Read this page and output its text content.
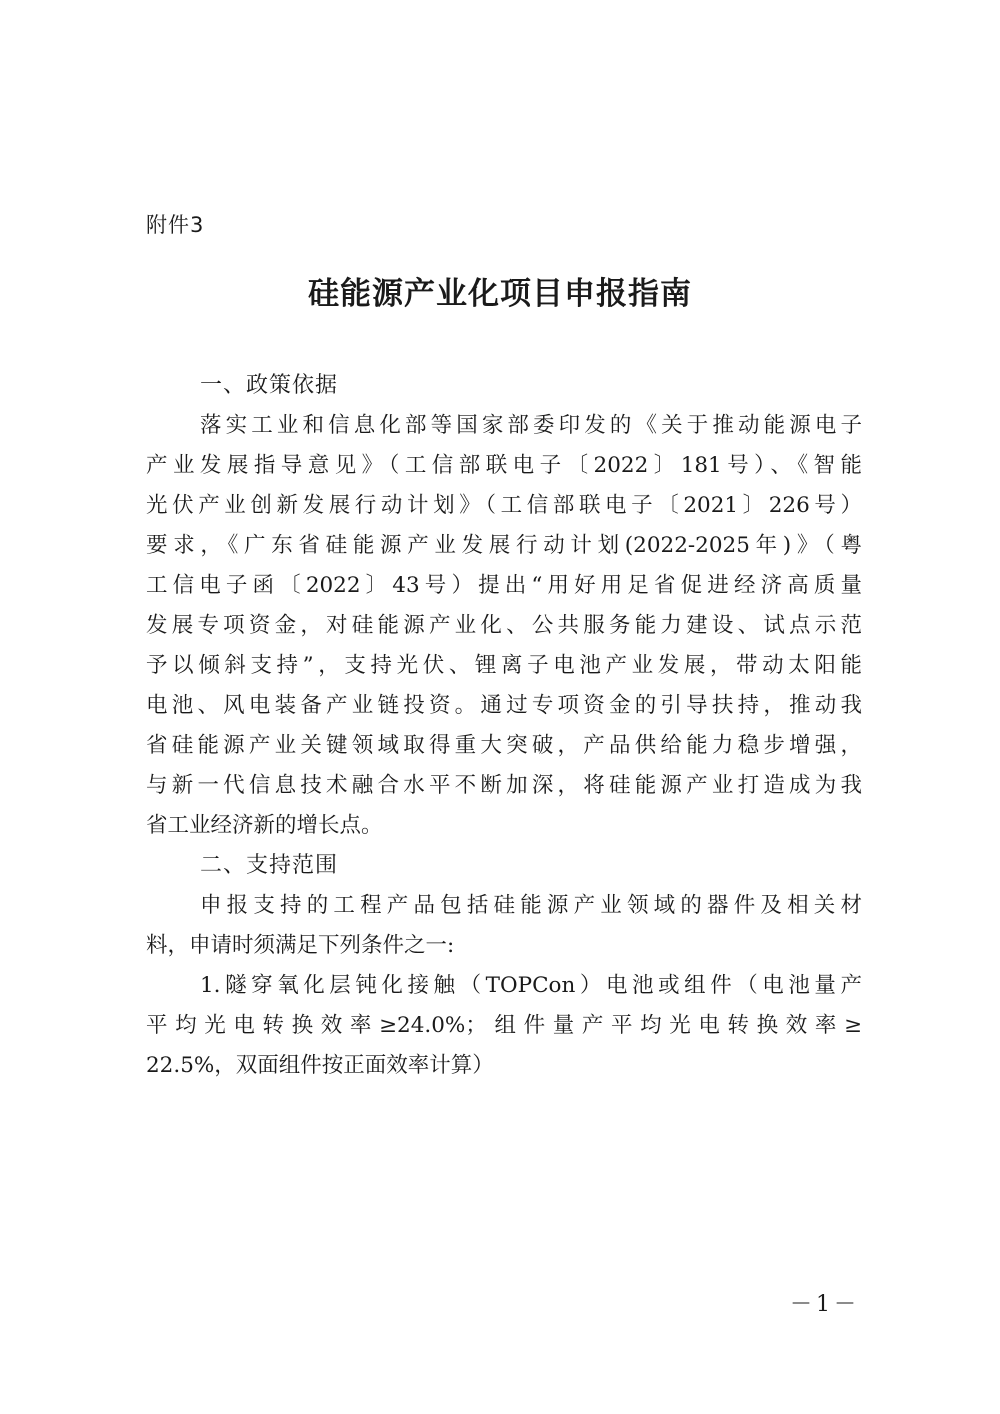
附件3
硅能源产业化项目申报指南
一、政策依据
落实工业和信息化部等国家部委印发的《关于推动能源电子
产业发展指导意见》（工信部联电子〔2022〕181号）、《智能
光伏产业创新发展行动计划》（工信部联电子〔2021〕226号）
要求，《广东省硅能源产业发展行动计划(2022-2025年)》（粤
工信电子函〔2022〕43号）提出“用好用足省促进经济高质量
发展专项资金，对硅能源产业化、公共服务能力建设、试点示范
予以倾斜支持”，支持光伏、锂离子电池产业发展，带动太阳能
电池、风电装备产业链投资。通过专项资金的引导扶持，推动我
省硅能源产业关键领域取得重大突破，产品供给能力稳步增强，
与新一代信息技术融合水平不断加深，将硅能源产业打造成为我
省工业经济新的增长点。
二、支持范围
申报支持的工程产品包括硅能源产业领域的器件及相关材
料，申请时须满足下列条件之一:
1.隧穿氧化层钝化接触（TOPCon）电池或组件（电池量产
平均光电转换效率≥24.0%；组件量产平均光电转换效率≥
22.5%，双面组件按正面效率计算）
－1－
